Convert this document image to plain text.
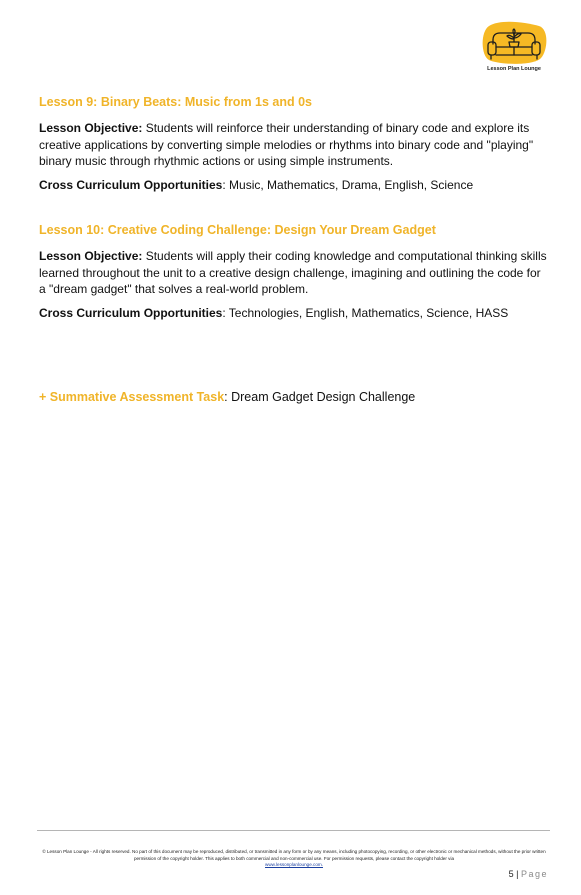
Lesson Plan Lounge
Lesson 9: Binary Beats: Music from 1s and 0s

Lesson Objective: Students will reinforce their understanding of binary code and explore its creative applications by converting simple melodies or rhythms into binary code and "playing" binary music through rhythmic actions or using simple instruments.

Cross Curriculum Opportunities: Music, Mathematics, Drama, English, Science

Lesson 10: Creative Coding Challenge: Design Your Dream Gadget

Lesson Objective: Students will apply their coding knowledge and computational thinking skills learned throughout the unit to a creative design challenge, imagining and outlining the code for a "dream gadget" that solves a real-world problem.

Cross Curriculum Opportunities: Technologies, English, Mathematics, Science, HASS

+ Summative Assessment Task: Dream Gadget Design Challenge
© Lesson Plan Lounge - All rights reserved. No part of this document may be reproduced, distributed, or transmitted in any form or by any means, including photocopying, recording, or other electronic or mechanical methods, without the prior written permission of the copyright holder. This applies to both commercial and non-commercial use. For permission requests, please contact the copyright holder via
www.lessonplanlounge.com.
5 | Page
